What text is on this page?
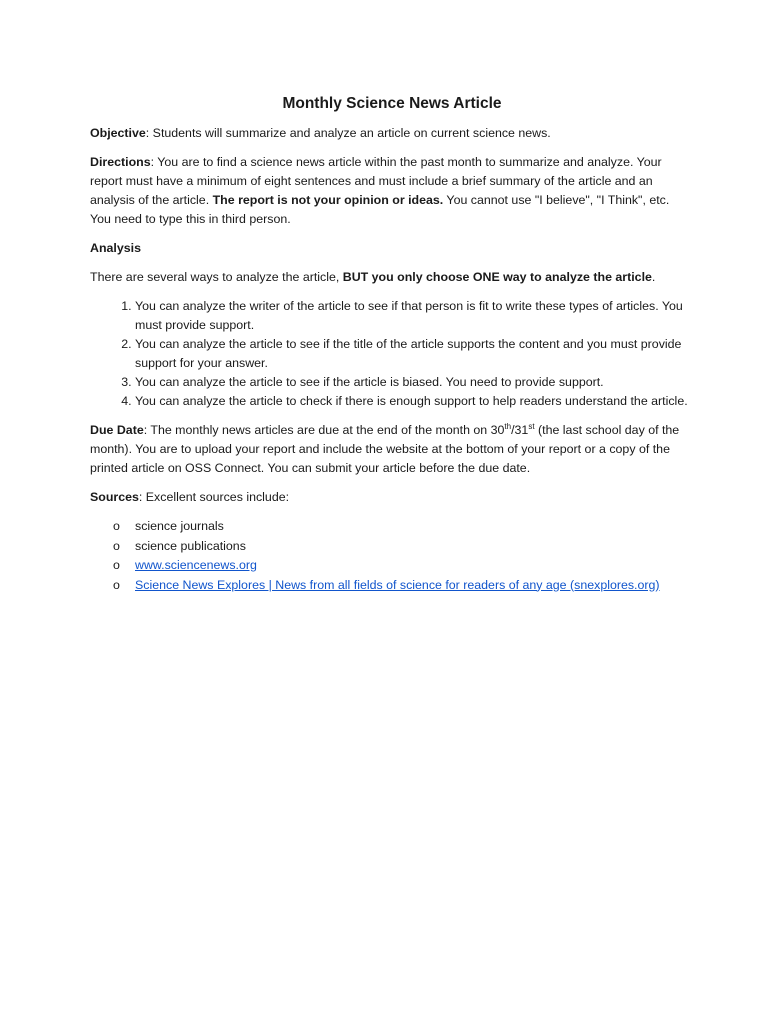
Monthly Science News Article

Objective: Students will summarize and analyze an article on current science news.

Directions: You are to find a science news article within the past month to summarize and analyze. Your report must have a minimum of eight sentences and must include a brief summary of the article and an analysis of the article. The report is not your opinion or ideas. You cannot use "I believe", "I Think", etc. You need to type this in third person.

Analysis

There are several ways to analyze the article, BUT you only choose ONE way to analyze the article.

1. You can analyze the writer of the article to see if that person is fit to write these types of articles. You must provide support.
2. You can analyze the article to see if the title of the article supports the content and you must provide support for your answer.
3. You can analyze the article to see if the article is biased. You need to provide support.
4. You can analyze the article to check if there is enough support to help readers understand the article.

Due Date: The monthly news articles are due at the end of the month on 30th/31st (the last school day of the month). You are to upload your report and include the website at the bottom of your report or a copy of the printed article on OSS Connect. You can submit your article before the due date.

Sources: Excellent sources include:

o science journals
o science publications
o www.sciencenews.org
o Science News Explores | News from all fields of science for readers of any age (snexplores.org)
